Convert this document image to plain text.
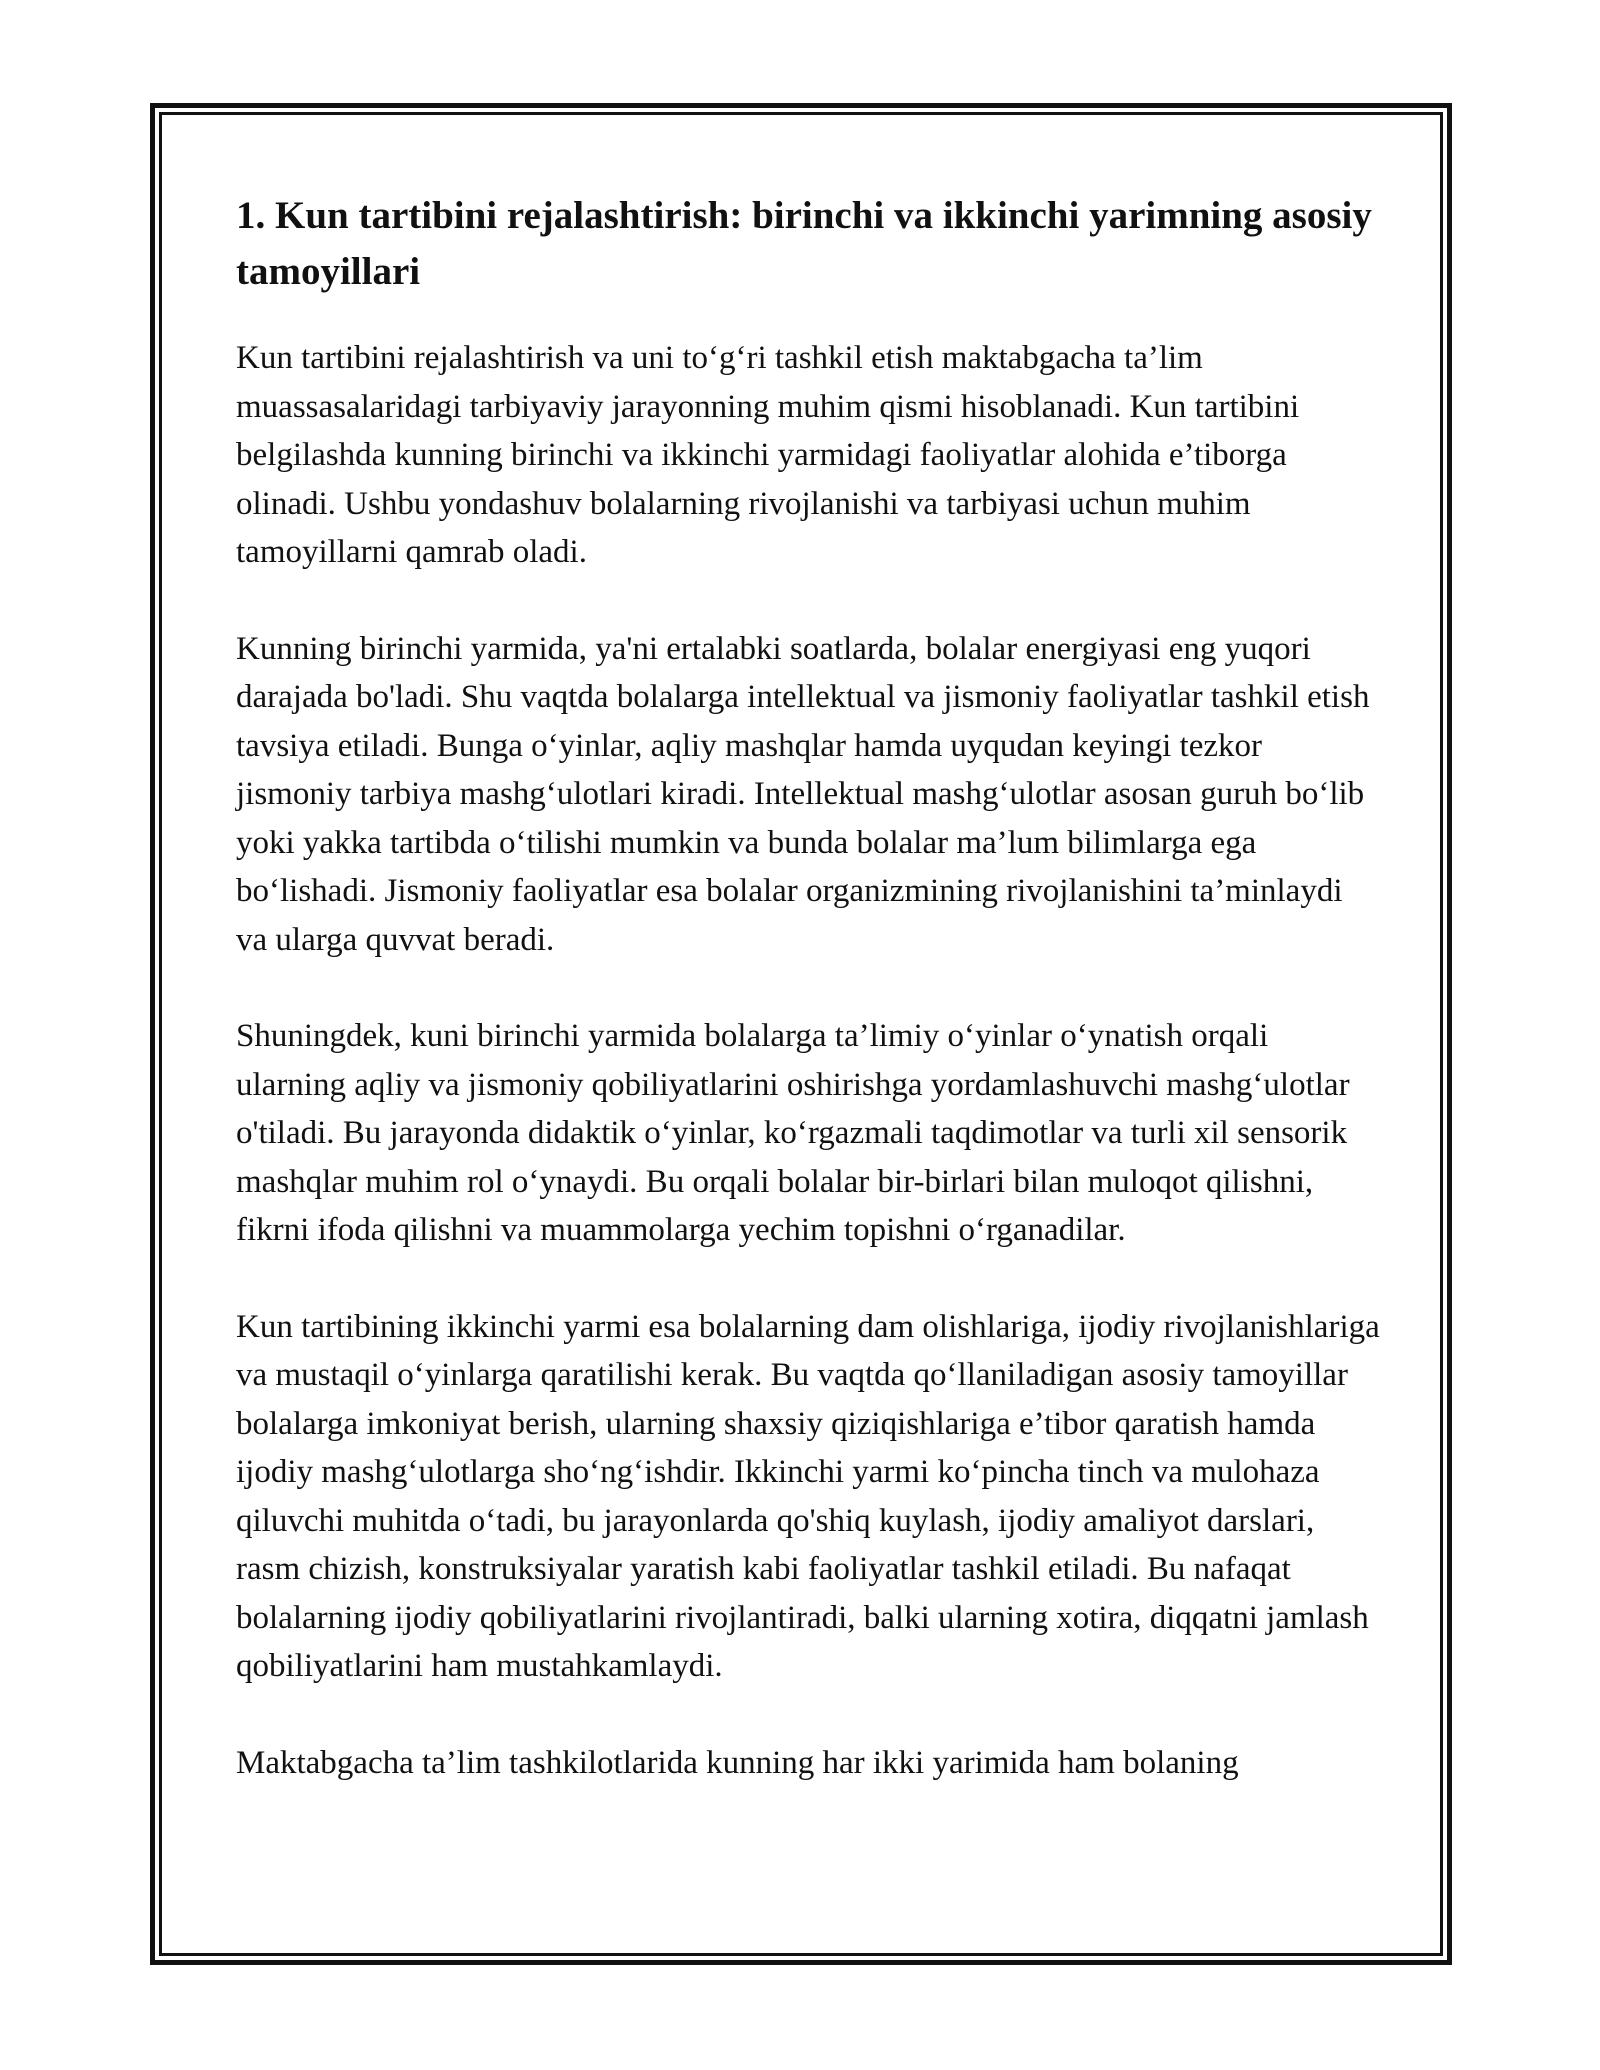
1. Kun tartibini rejalashtirish: birinchi va ikkinchi yarimning asosiy tamoyillari

Kun tartibini rejalashtirish va uni to‘g‘ri tashkil etish maktabgacha ta’lim muassasalaridagi tarbiyaviy jarayonning muhim qismi hisoblanadi. Kun tartibini belgilashda kunning birinchi va ikkinchi yarmidagi faoliyatlar alohida e’tiborga olinadi. Ushbu yondashuv bolalarning rivojlanishi va tarbiyasi uchun muhim tamoyillarni qamrab oladi.

Kunning birinchi yarmida, ya'ni ertalabki soatlarda, bolalar energiyasi eng yuqori darajada bo'ladi. Shu vaqtda bolalarga intellektual va jismoniy faoliyatlar tashkil etish tavsiya etiladi. Bunga o‘yinlar, aqliy mashqlar hamda uyqudan keyingi tezkor jismoniy tarbiya mashg‘ulotlari kiradi. Intellektual mashg‘ulotlar asosan guruh bo‘lib yoki yakka tartibda o‘tilishi mumkin va bunda bolalar ma’lum bilimlarga ega bo‘lishadi. Jismoniy faoliyatlar esa bolalar organizmining rivojlanishini ta’minlaydi va ularga quvvat beradi.

Shuningdek, kuni birinchi yarmida bolalarga ta’limiy o‘yinlar o‘ynatish orqali ularning aqliy va jismoniy qobiliyatlarini oshirishga yordamlashuvchi mashg‘ulotlar o'tiladi. Bu jarayonda didaktik o‘yinlar, ko‘rgazmali taqdimotlar va turli xil sensorik mashqlar muhim rol o‘ynaydi. Bu orqali bolalar bir-birlari bilan muloqot qilishni, fikrni ifoda qilishni va muammolarga yechim topishni o‘rganadilar.

Kun tartibining ikkinchi yarmi esa bolalarning dam olishlariga, ijodiy rivojlanishlariga va mustaqil o‘yinlarga qaratilishi kerak. Bu vaqtda qo‘llaniladigan asosiy tamoyillar bolalarga imkoniyat berish, ularning shaxsiy qiziqishlariga e’tibor qaratish hamda ijodiy mashg‘ulotlarga sho‘ng‘ishdir. Ikkinchi yarmi ko‘pincha tinch va mulohaza qiluvchi muhitda o‘tadi, bu jarayonlarda qo'shiq kuylash, ijodiy amaliyot darslari, rasm chizish, konstruksiyalar yaratish kabi faoliyatlar tashkil etiladi. Bu nafaqat bolalarning ijodiy qobiliyatlarini rivojlantiradi, balki ularning xotira, diqqatni jamlash qobiliyatlarini ham mustahkamlaydi.

Maktabgacha ta’lim tashkilotlarida kunning har ikki yarimida ham bolaning
